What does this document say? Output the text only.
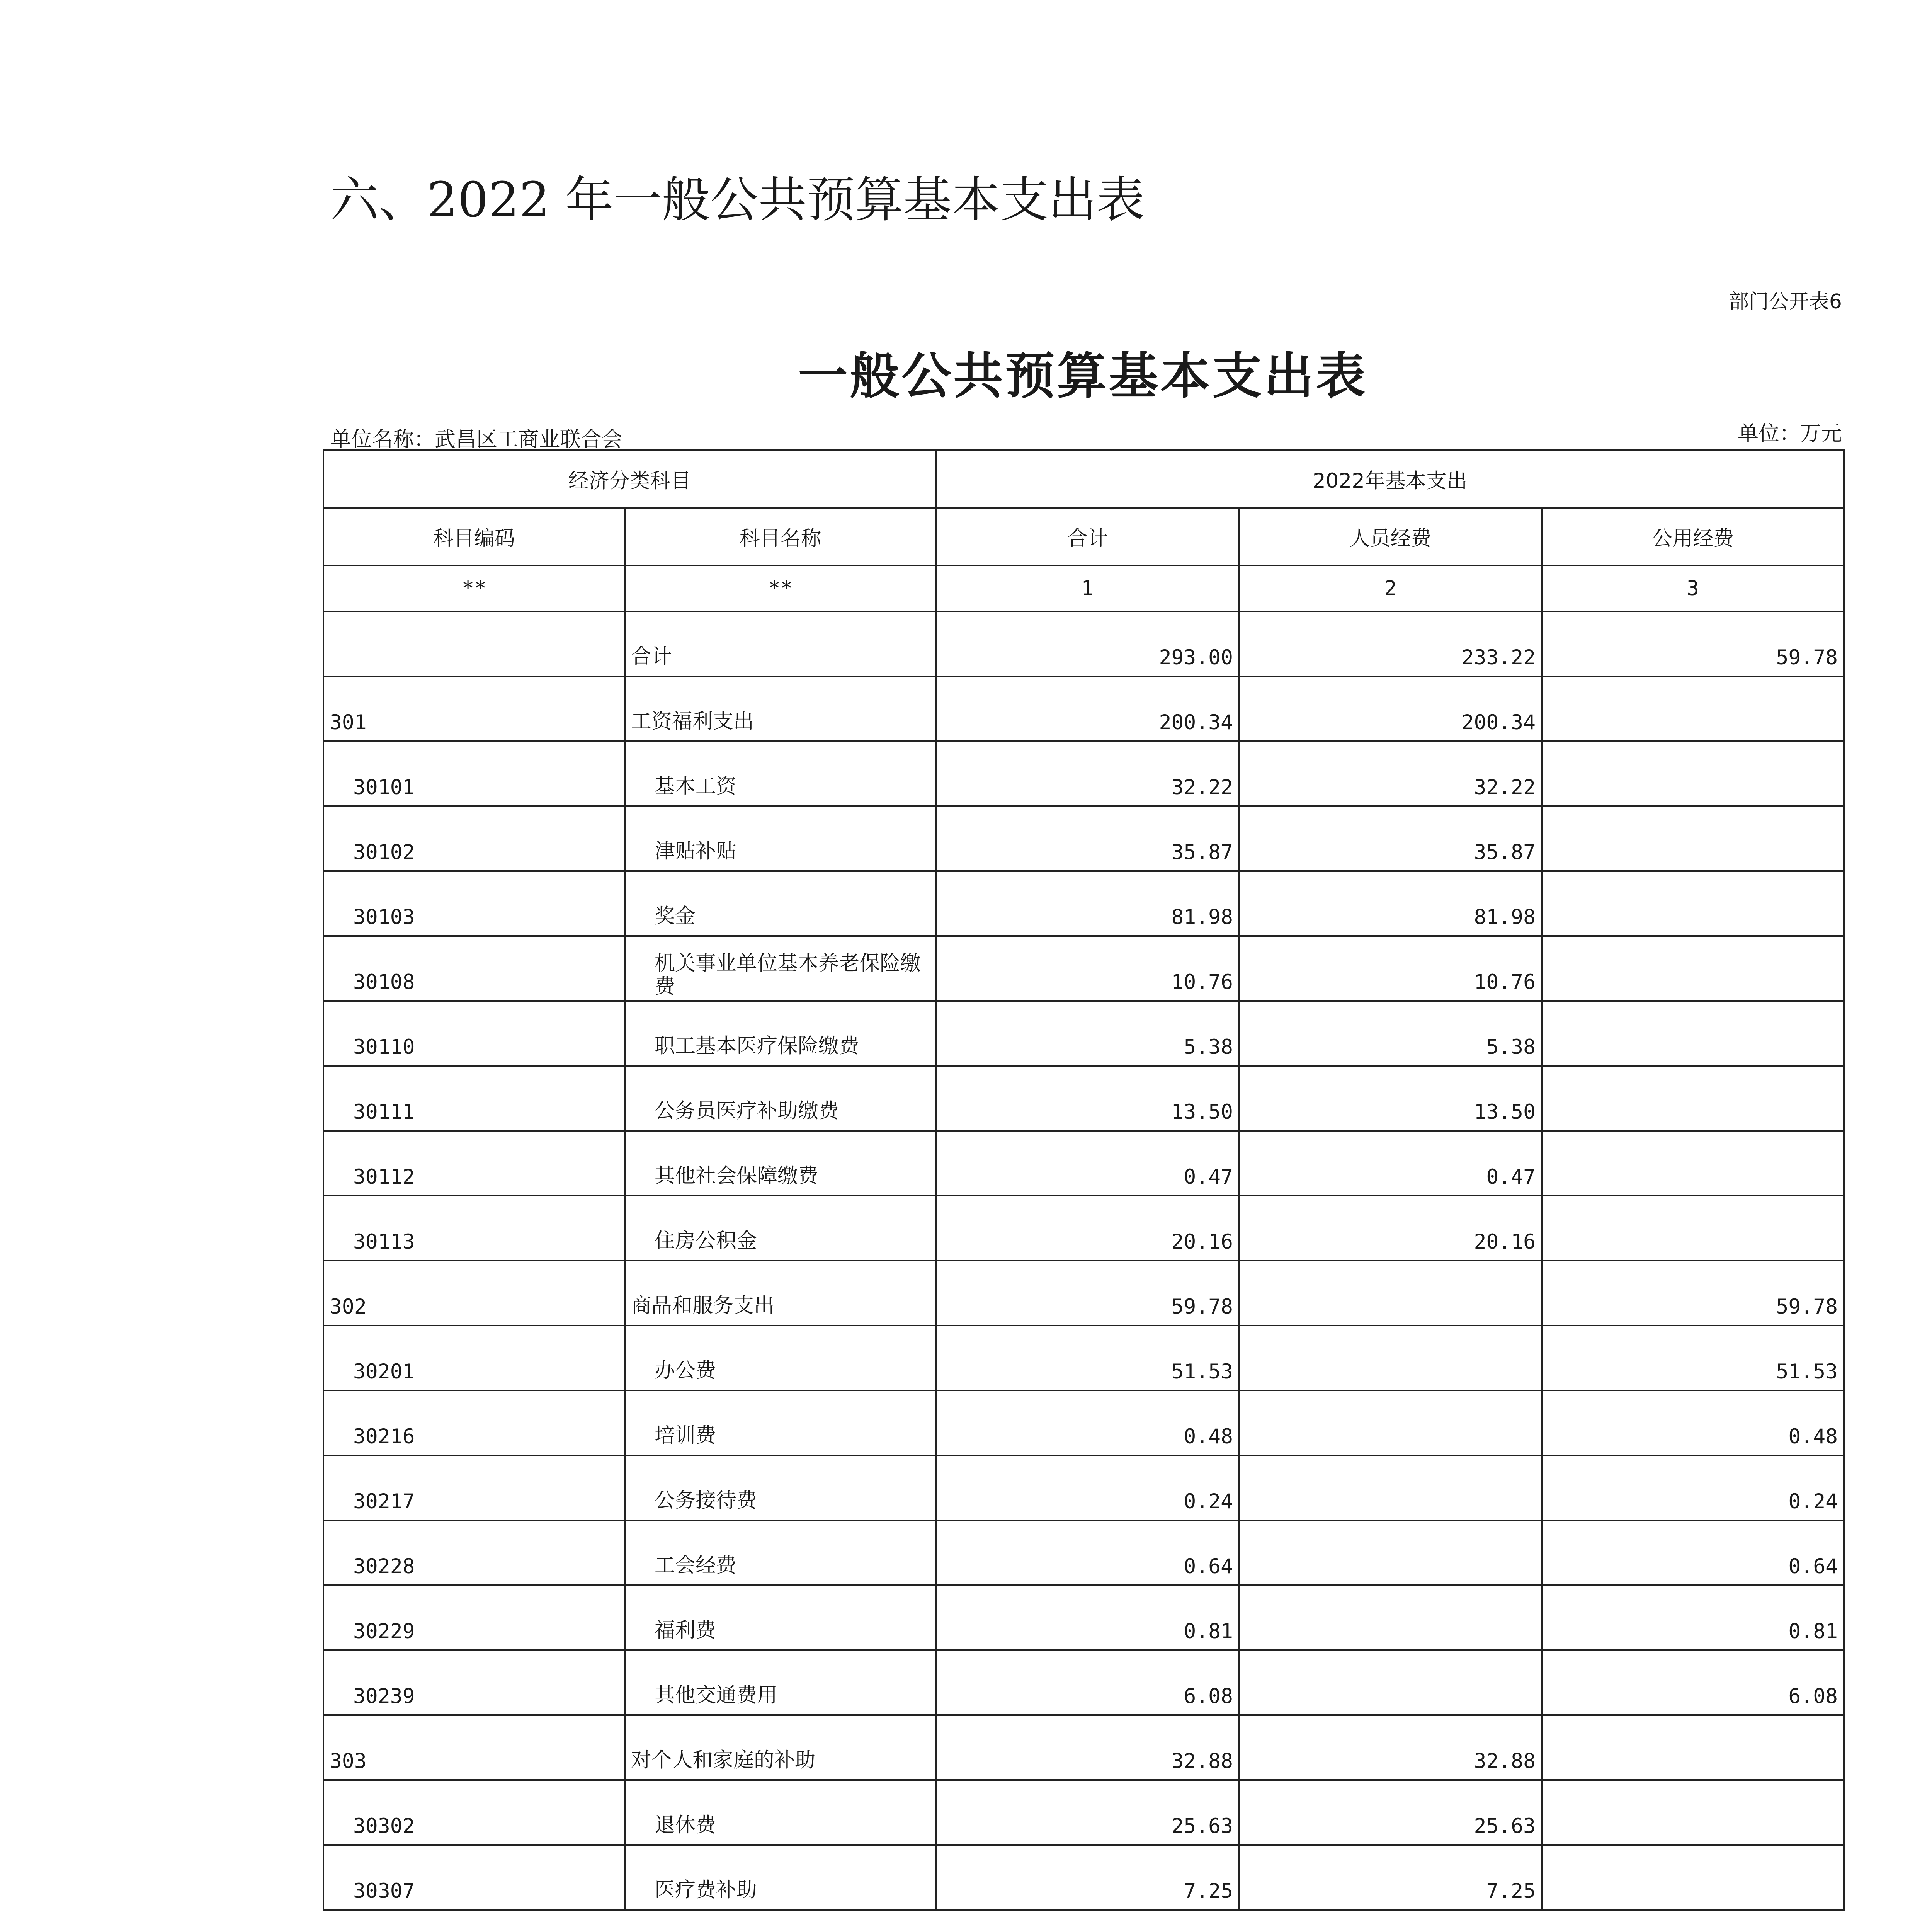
六、2022 年一般公共预算基本支出表
部门公开表6
一般公共预算基本支出表
单位名称：武昌区工商业联合会	单位：万元
经济分类科目		2022年基本支出		
科目编码	科目名称	合计	人员经费	公用经费
**	**	1	2	3
	合计	293.00	233.22	59.78
301	工资福利支出	200.34	200.34	
30101	基本工资	32.22	32.22	
30102	津贴补贴	35.87	35.87	
30103	奖金	81.98	81.98	
30108	机关事业单位基本养老保险缴费	10.76	10.76	
30110	职工基本医疗保险缴费	5.38	5.38	
30111	公务员医疗补助缴费	13.50	13.50	
30112	其他社会保障缴费	0.47	0.47	
30113	住房公积金	20.16	20.16	
302	商品和服务支出	59.78		59.78
30201	办公费	51.53		51.53
30216	培训费	0.48		0.48
30217	公务接待费	0.24		0.24
30228	工会经费	0.64		0.64
30229	福利费	0.81		0.81
30239	其他交通费用	6.08		6.08
303	对个人和家庭的补助	32.88	32.88	
30302	退休费	25.63	25.63	
30307	医疗费补助	7.25	7.25	
